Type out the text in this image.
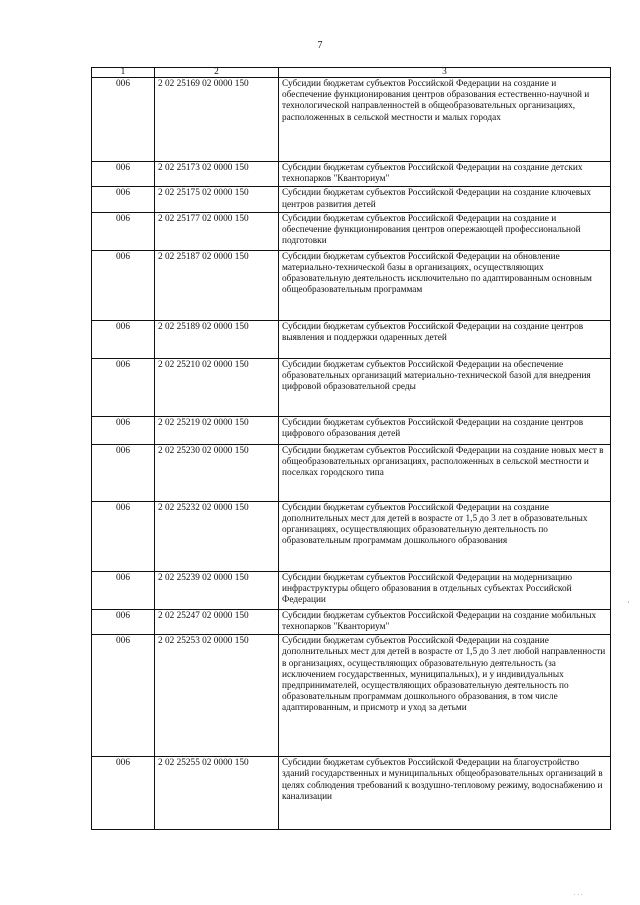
7
1	2	3
006	2 02 25169 02 0000 150	Субсидии бюджетам субъектов Российской Федерации на создание и обеспечение функционирования центров образования естественно-научной и технологической направленностей в общеобразовательных организациях, расположенных в сельской местности и малых городах
006	2 02 25173 02 0000 150	Субсидии бюджетам субъектов Российской Федерации на создание детских технопарков "Кванториум"
006	2 02 25175 02 0000 150	Субсидии бюджетам субъектов Российской Федерации на создание ключевых центров развития детей
006	2 02 25177 02 0000 150	Субсидии бюджетам субъектов Российской Федерации на создание и обеспечение функционирования центров опережающей профессиональной подготовки
006	2 02 25187 02 0000 150	Субсидии бюджетам субъектов Российской Федерации на обновление материально-технической базы в организациях, осуществляющих образовательную деятельность исключительно по адаптированным основным общеобразовательным программам
006	2 02 25189 02 0000 150	Субсидии бюджетам субъектов Российской Федерации на создание центров выявления и поддержки одаренных детей
006	2 02 25210 02 0000 150	Субсидии бюджетам субъектов Российской Федерации на обеспечение образовательных организаций материально-технической базой для внедрения цифровой образовательной среды
006	2 02 25219 02 0000 150	Субсидии бюджетам субъектов Российской Федерации на создание центров цифрового образования детей
006	2 02 25230 02 0000 150	Субсидии бюджетам субъектов Российской Федерации на создание новых мест в общеобразовательных организациях, расположенных в сельской местности и поселках городского типа
006	2 02 25232 02 0000 150	Субсидии бюджетам субъектов Российской Федерации на создание дополнительных мест для детей в возрасте от 1,5 до 3 лет в образовательных организациях, осуществляющих образовательную деятельность по образовательным программам дошкольного образования
006	2 02 25239 02 0000 150	Субсидии бюджетам субъектов Российской Федерации на модернизацию инфраструктуры общего образования в отдельных субъектах Российской Федерации
006	2 02 25247 02 0000 150	Субсидии бюджетам субъектов Российской Федерации на создание мобильных технопарков "Кванториум"
006	2 02 25253 02 0000 150	Субсидии бюджетам субъектов Российской Федерации на создание дополнительных мест для детей в возрасте от 1,5 до 3 лет любой направленности в организациях, осуществляющих образовательную деятельность (за исключением государственных, муниципальных), и у индивидуальных предпринимателей, осуществляющих образовательную деятельность по образовательным программам дошкольного образования, в том числе адаптированным, и присмотр и уход за детьми
006	2 02 25255 02 0000 150	Субсидии бюджетам субъектов Российской Федерации на благоустройство зданий государственных и муниципальных общеобразовательных организаций в целях соблюдения требований к воздушно-тепловому режиму, водоснабжению и канализации
·
...
